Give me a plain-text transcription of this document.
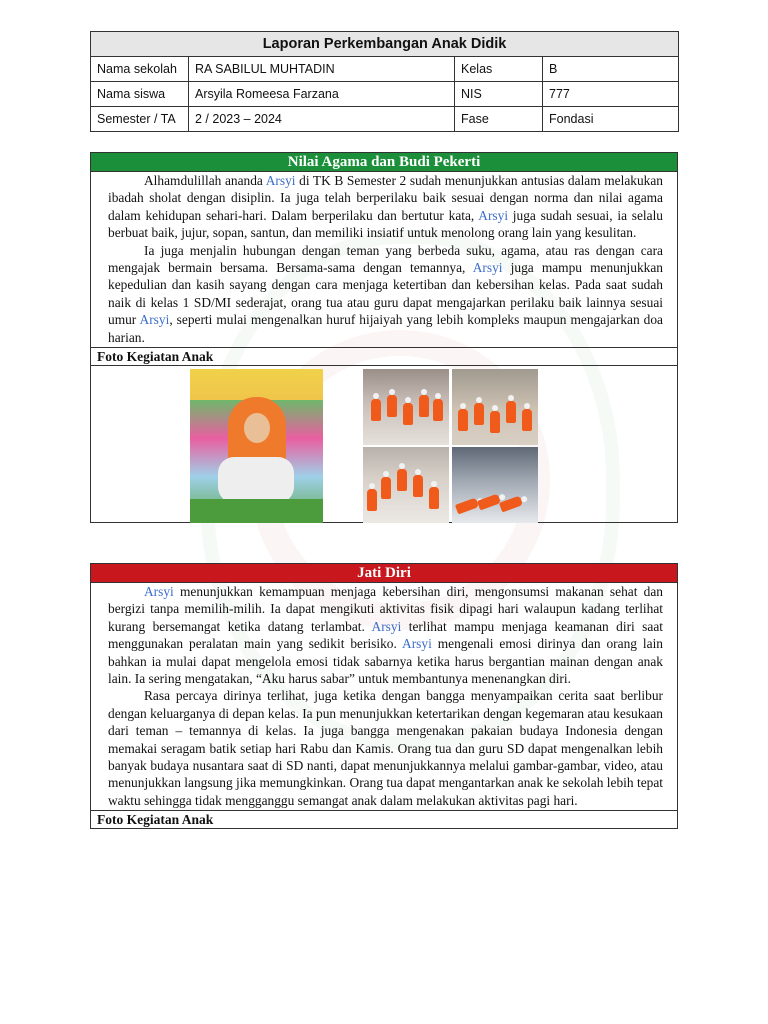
Laporan Perkembangan Anak Didik			
Nama sekolah	RA SABILUL MUHTADIN	Kelas	B
Nama siswa	Arsyila Romeesa Farzana	NIS	777
Semester / TA	2 / 2023 – 2024	Fase	Fondasi
Nilai Agama dan Budi Pekerti

Alhamdulillah ananda Arsyi di TK B Semester 2 sudah menunjukkan antusias dalam melakukan ibadah sholat dengan disiplin. Ia juga telah berperilaku baik sesuai dengan norma dan nilai agama dalam kehidupan sehari-hari. Dalam berperilaku dan bertutur kata, Arsyi juga sudah sesuai, ia selalu berbuat baik, jujur, sopan, santun, dan memiliki insiatif untuk menolong orang lain yang kesulitan.

Ia juga menjalin hubungan dengan teman yang berbeda suku, agama, atau ras dengan cara mengajak bermain bersama. Bersama-sama dengan temannya, Arsyi juga mampu menunjukkan kepedulian dan kasih sayang dengan cara menjaga ketertiban dan kebersihan kelas. Pada saat sudah naik di kelas 1 SD/MI sederajat, orang tua atau guru dapat mengajarkan perilaku baik lainnya sesuai umur Arsyi, seperti mulai mengenalkan huruf hijaiyah yang lebih kompleks maupun mengajarkan doa harian.

Foto Kegiatan Anak
Jati Diri

Arsyi menunjukkan kemampuan menjaga kebersihan diri, mengonsumsi makanan sehat dan bergizi tanpa memilih-milih. Ia dapat mengikuti aktivitas fisik dipagi hari walaupun kadang terlihat kurang bersemangat ketika datang terlambat. Arsyi terlihat mampu menjaga keamanan diri saat menggunakan peralatan main yang sedikit berisiko. Arsyi mengenali emosi dirinya dan orang lain bahkan ia mulai dapat mengelola emosi tidak sabarnya ketika harus bergantian mainan dengan anak lain. Ia sering mengatakan, “Aku harus sabar” untuk membantunya menenangkan diri.

Rasa percaya dirinya terlihat, juga ketika dengan bangga menyampaikan cerita saat berlibur dengan keluarganya di depan kelas. Ia pun menunjukkan ketertarikan dengan kegemaran atau kesukaan dari teman – temannya di kelas. Ia juga bangga mengenakan pakaian budaya Indonesia dengan memakai seragam batik setiap hari Rabu dan Kamis. Orang tua dan guru SD dapat mengenalkan lebih banyak budaya nusantara saat di SD nanti, dapat menunjukkannya melalui gambar-gambar, video, atau menunjukkan langsung jika memungkinkan. Orang tua dapat mengantarkan anak ke sekolah lebih tepat waktu sehingga tidak mengganggu semangat anak dalam melakukan aktivitas pagi hari.

Foto Kegiatan Anak
